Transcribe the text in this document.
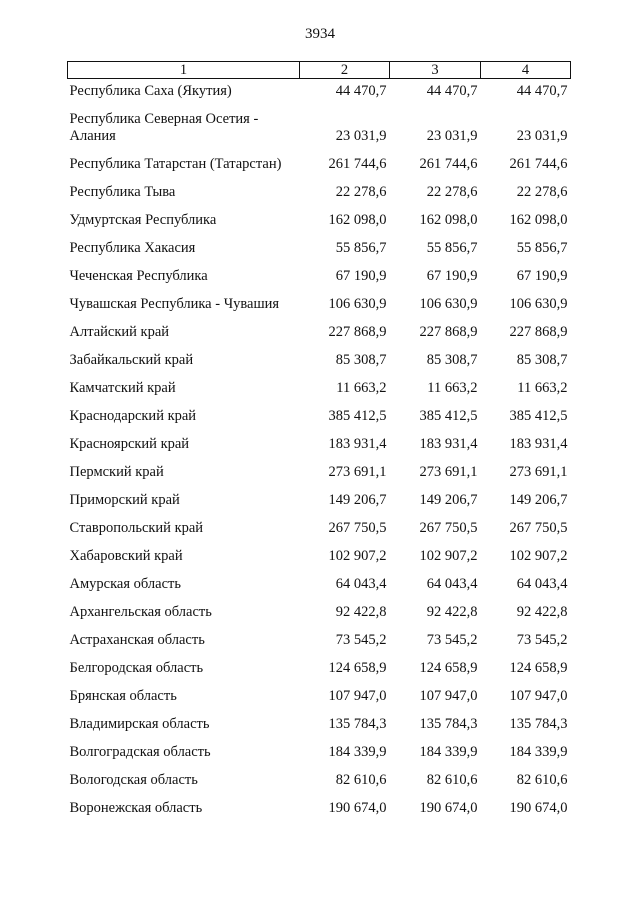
3934
1	2	3	4
Республика Саха (Якутия)	44 470,7	44 470,7	44 470,7
Республика Северная Осетия - Алания	23 031,9	23 031,9	23 031,9
Республика Татарстан (Татарстан)	261 744,6	261 744,6	261 744,6
Республика Тыва	22 278,6	22 278,6	22 278,6
Удмуртская Республика	162 098,0	162 098,0	162 098,0
Республика Хакасия	55 856,7	55 856,7	55 856,7
Чеченская Республика	67 190,9	67 190,9	67 190,9
Чувашская Республика - Чувашия	106 630,9	106 630,9	106 630,9
Алтайский край	227 868,9	227 868,9	227 868,9
Забайкальский край	85 308,7	85 308,7	85 308,7
Камчатский край	11 663,2	11 663,2	11 663,2
Краснодарский край	385 412,5	385 412,5	385 412,5
Красноярский край	183 931,4	183 931,4	183 931,4
Пермский край	273 691,1	273 691,1	273 691,1
Приморский край	149 206,7	149 206,7	149 206,7
Ставропольский край	267 750,5	267 750,5	267 750,5
Хабаровский край	102 907,2	102 907,2	102 907,2
Амурская область	64 043,4	64 043,4	64 043,4
Архангельская область	92 422,8	92 422,8	92 422,8
Астраханская область	73 545,2	73 545,2	73 545,2
Белгородская область	124 658,9	124 658,9	124 658,9
Брянская область	107 947,0	107 947,0	107 947,0
Владимирская область	135 784,3	135 784,3	135 784,3
Волгоградская область	184 339,9	184 339,9	184 339,9
Вологодская область	82 610,6	82 610,6	82 610,6
Воронежская область	190 674,0	190 674,0	190 674,0
